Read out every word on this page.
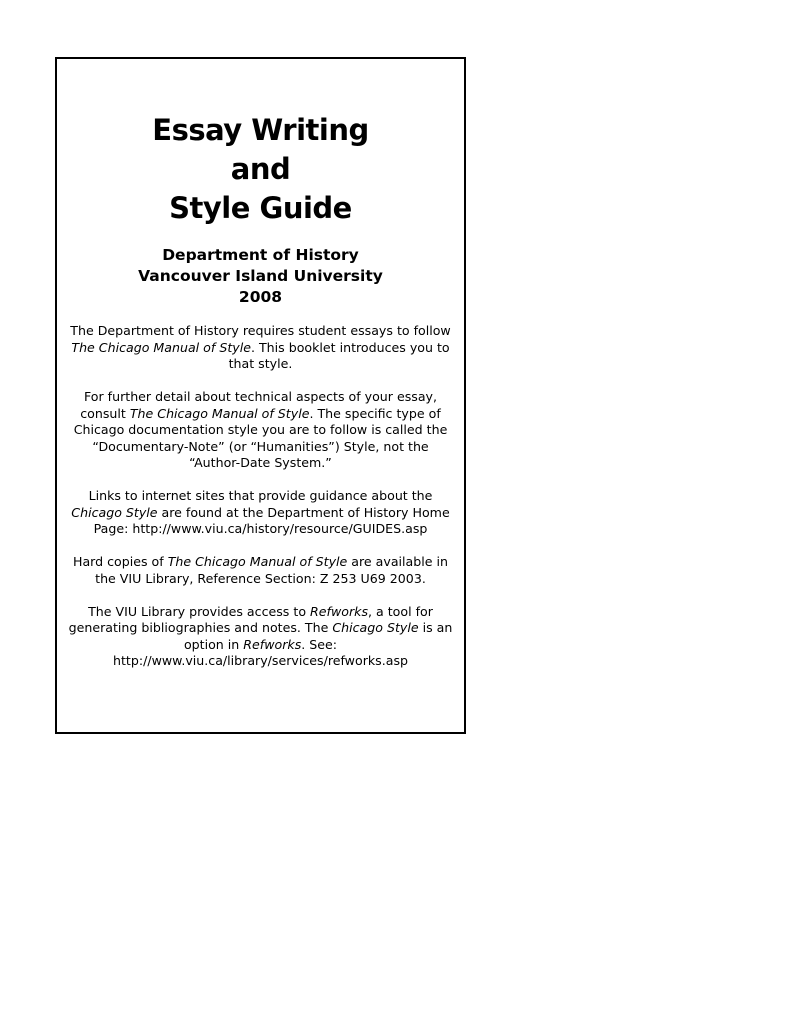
Essay Writing
and
Style Guide
Department of History
Vancouver Island University
2008

The Department of History requires student essays to follow
The Chicago Manual of Style. This booklet introduces you to that style.

For further detail about technical aspects of your essay, consult The Chicago Manual of Style. The specific type of Chicago documentation style you are to follow is called the “Documentary-Note” (or “Humanities”) Style, not the “Author-Date System.”

Links to internet sites that provide guidance about the
Chicago Style are found at the Department of History Home Page: http://www.viu.ca/history/resource/GUIDES.asp

Hard copies of The Chicago Manual of Style are available in the VIU Library, Reference Section: Z 253 U69 2003.

The VIU Library provides access to Refworks, a tool for generating bibliographies and notes. The Chicago Style is an option in Refworks. See:
http://www.viu.ca/library/services/refworks.asp
